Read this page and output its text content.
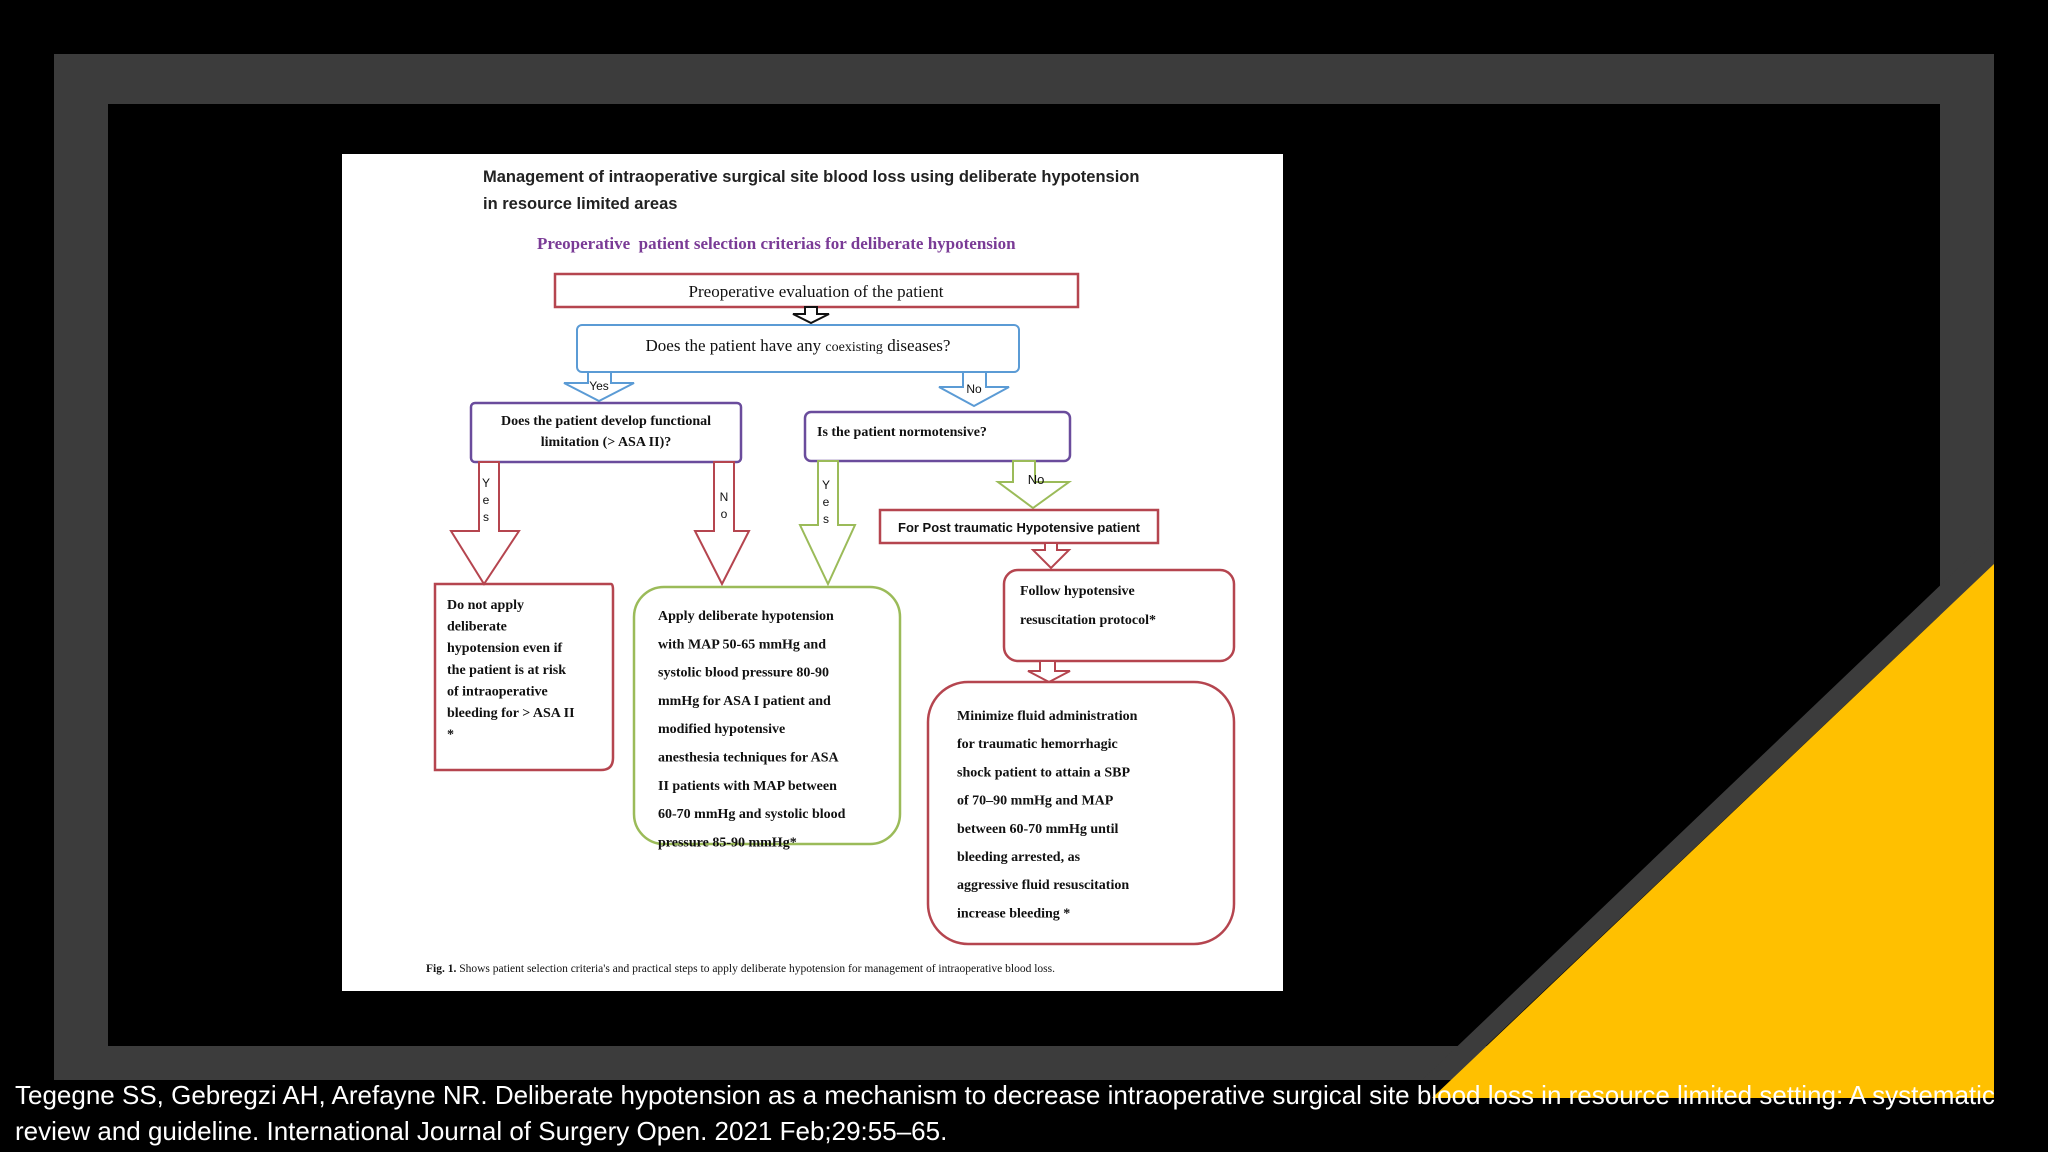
Management of intraoperative surgical site blood loss using deliberate hypotension
in resource limited areas
Preoperative  patient selection criterias for deliberate hypotension
Preoperative evaluation of the patient
Does the patient have any coexisting diseases?
Yes	No
Does the patient develop functional
limitation (> ASA II)?
Is the patient normotensive?
Y
e
s
N
o
Y
e
s
No
For Post traumatic Hypotensive patient
Follow hypotensive
resuscitation protocol*
Do not apply
deliberate
hypotension even if
the patient is at risk
of intraoperative
bleeding for > ASA II
*
Apply deliberate hypotension
with MAP 50-65 mmHg and
systolic blood pressure 80-90
mmHg for ASA I patient and
modified hypotensive
anesthesia techniques for ASA
II patients with MAP between
60-70 mmHg and systolic blood
pressure 85-90 mmHg*
Minimize fluid administration
for traumatic hemorrhagic
shock patient to attain a SBP
of 70–90 mmHg and MAP
between 60-70 mmHg until
bleeding arrested, as
aggressive fluid resuscitation
increase bleeding *
Fig. 1. Shows patient selection criteria's and practical steps to apply deliberate hypotension for management of intraoperative blood loss.
Tegegne SS, Gebregzi AH, Arefayne NR. Deliberate hypotension as a mechanism to decrease intraoperative surgical site blood loss in resource limited setting: A systematic review and guideline. International Journal of Surgery Open. 2021 Feb;29:55–65.
